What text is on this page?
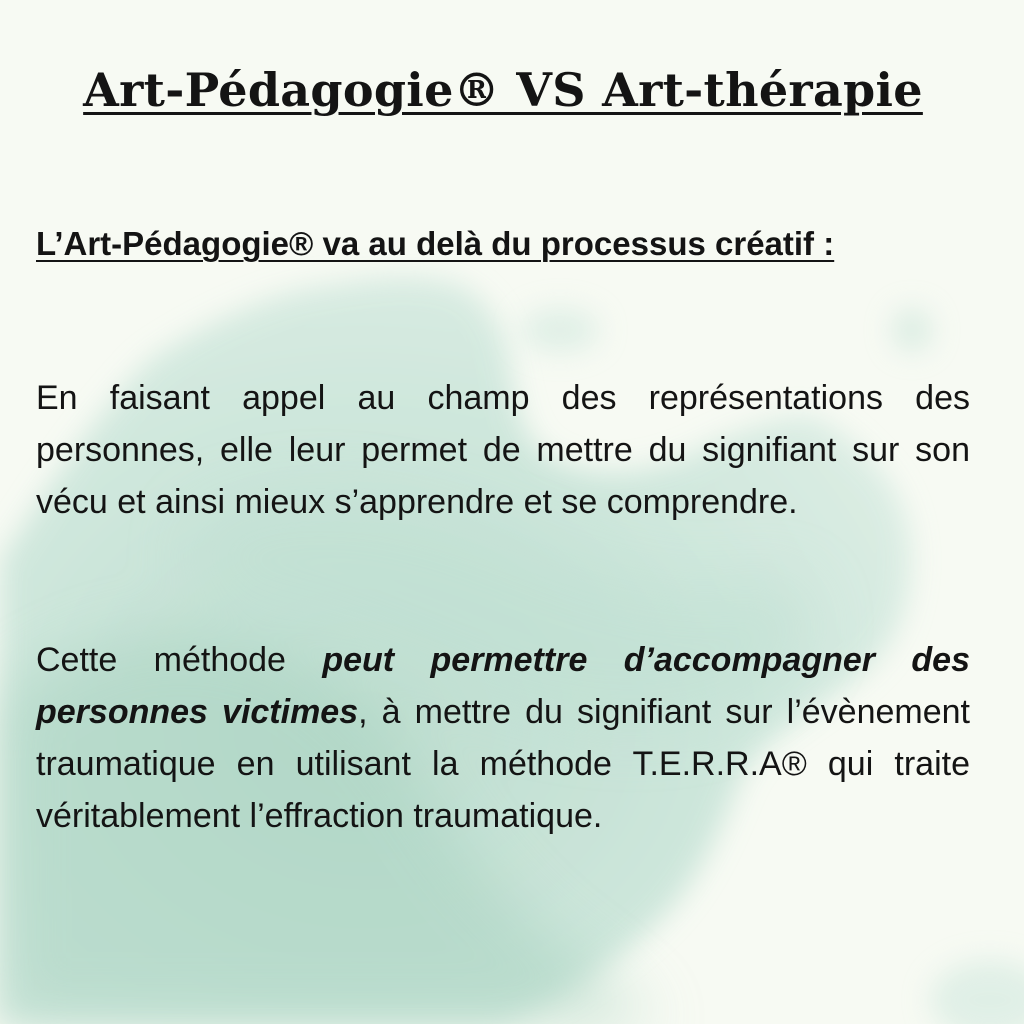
Art-Pédagogie® VS Art-thérapie

L’Art-Pédagogie® va au delà du processus créatif :

En faisant appel au champ des représentations des personnes, elle leur permet de mettre du signifiant sur son vécu et ainsi mieux s’apprendre et se comprendre.

Cette méthode peut permettre d’accompagner des personnes victimes, à mettre du signifiant sur l’évènement traumatique en utilisant la méthode T.E.R.R.A® qui traite véritablement l’effraction traumatique.
